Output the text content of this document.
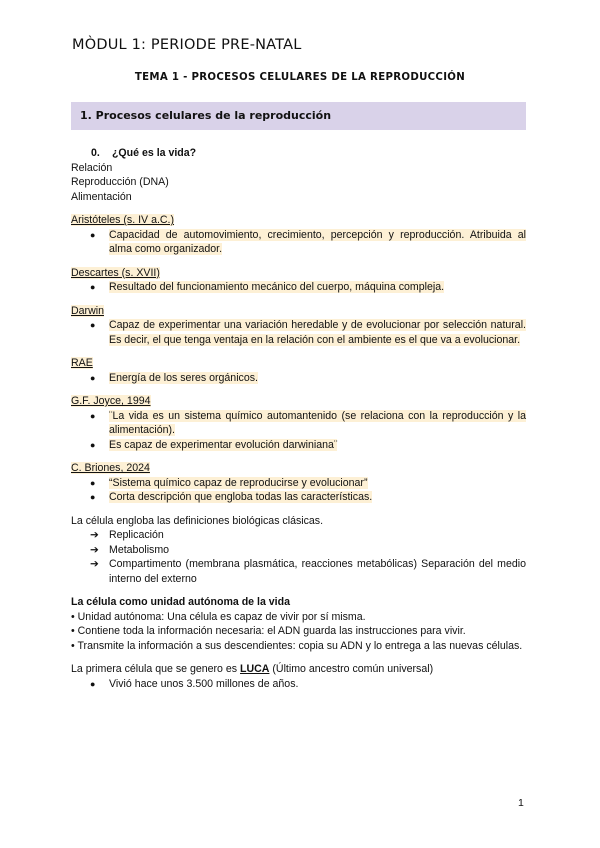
MÒDUL 1: PERIODE PRE-NATAL
TEMA 1 - PROCESOS CELULARES DE LA REPRODUCCIÓN
1. Procesos celulares de la reproducción
0. ¿Qué es la vida?
Relación
Reproducción (DNA)
Alimentación
Aristóteles (s. IV a.C.)
● Capacidad de automovimiento, crecimiento, percepción y reproducción. Atribuida al alma como organizador.
Descartes (s. XVII)
● Resultado del funcionamiento mecánico del cuerpo, máquina compleja.
Darwin
● Capaz de experimentar una variación heredable y de evolucionar por selección natural. Es decir, el que tenga ventaja en la relación con el ambiente es el que va a evolucionar.
RAE
● Energía de los seres orgánicos.
G.F. Joyce, 1994
● ¨La vida es un sistema químico automantenido (se relaciona con la reproducción y la alimentación).
● Es capaz de experimentar evolución darwiniana¨
C. Briones, 2024
● “Sistema químico capaz de reproducirse y evolucionar”
● Corta descripción que engloba todas las características.
La célula engloba las definiciones biológicas clásicas.
➔ Replicación
➔ Metabolismo
➔ Compartimento (membrana plasmática, reacciones metabólicas) Separación del medio interno del externo
La célula como unidad autónoma de la vida
• Unidad autónoma: Una célula es capaz de vivir por sí misma.
• Contiene toda la información necesaria: el ADN guarda las instrucciones para vivir.
• Transmite la información a sus descendientes: copia su ADN y lo entrega a las nuevas células.
La primera célula que se genero es LUCA (Último ancestro común universal)
● Vivió hace unos 3.500 millones de años.
1
